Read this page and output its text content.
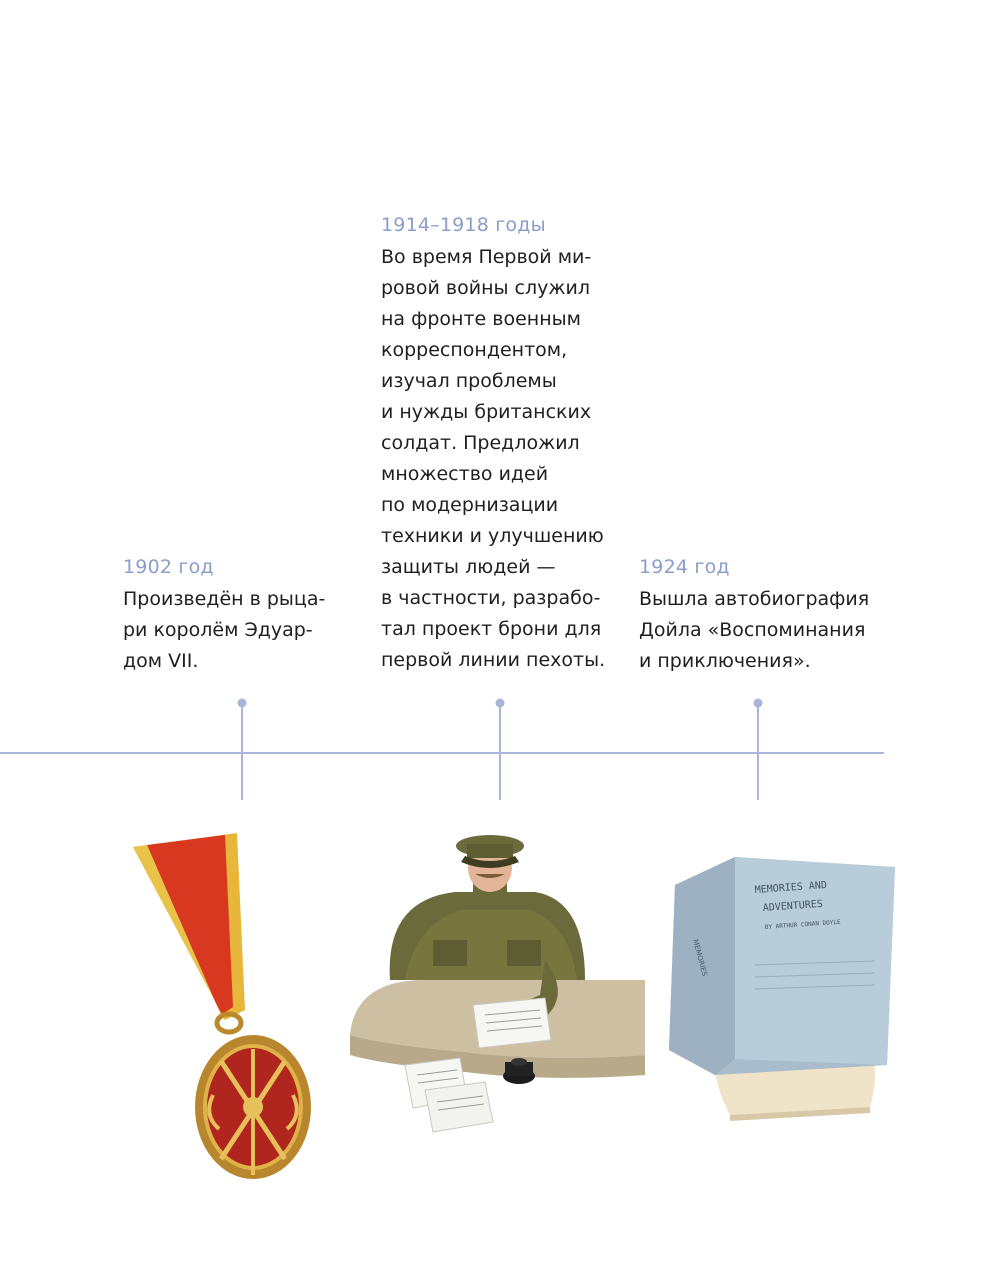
1902 год
Произведён в рыца-
ри королём Эдуар-
дом VII.
1914–1918 годы
Во время Первой ми-
ровой войны служил
на фронте военным
корреспондентом,
изучал проблемы
и нужды британских
солдат. Предложил
множество идей
по модернизации
техники и улучшению
защиты людей —
в частности, разрабо-
тал проект брони для
первой линии пехоты.
1924 год
Вышла автобиография
Дойла «Воспоминания
и приключения».
MEMORIES
MEMORIES AND
ADVENTURES
BY ARTHUR CONAN DOYLE
